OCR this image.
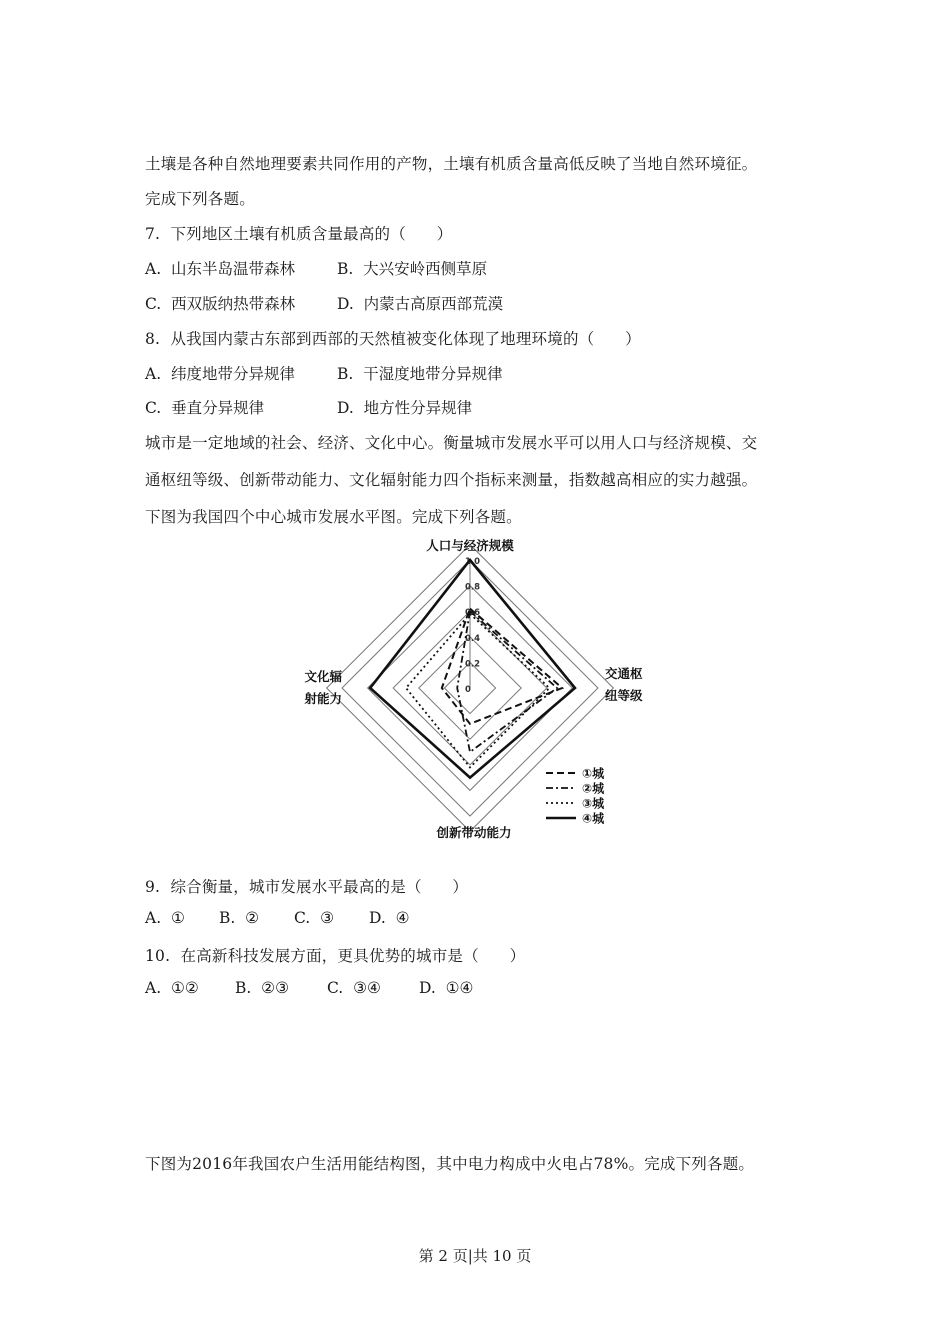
土壤是各种自然地理要素共同作用的产物，土壤有机质含量高低反映了当地自然环境征。
完成下列各题。
7.  下列地区土壤有机质含量最高的（      ）
A.  山东半岛温带森林	B.  大兴安岭西侧草原
C.  西双版纳热带森林	D.  内蒙古高原西部荒漠
8.  从我国内蒙古东部到西部的天然植被变化体现了地理环境的（      ）
A.  纬度地带分异规律	B.  干湿度地带分异规律
C.  垂直分异规律	D.  地方性分异规律
城市是一定地域的社会、经济、文化中心。衡量城市发展水平可以用人口与经济规模、交
通枢纽等级、创新带动能力、文化辐射能力四个指标来测量，指数越高相应的实力越强。
下图为我国四个中心城市发展水平图。完成下列各题。
0
0.2
0.4
0.6
0.8
1.0
人口与经济规模
交通枢
纽等级
创新带动能力
文化辐
射能力
①城
②城
③城
④城
9.  综合衡量，城市发展水平最高的是（      ）
A.  ① B.  ② C.  ③ D.  ④
10.  在高新科技发展方面，更具优势的城市是（      ）
A.  ①② B.  ②③ C.  ③④ D.  ①④
下图为2016年我国农户生活用能结构图，其中电力构成中火电占78%。完成下列各题。
第 2 页|共 10 页
